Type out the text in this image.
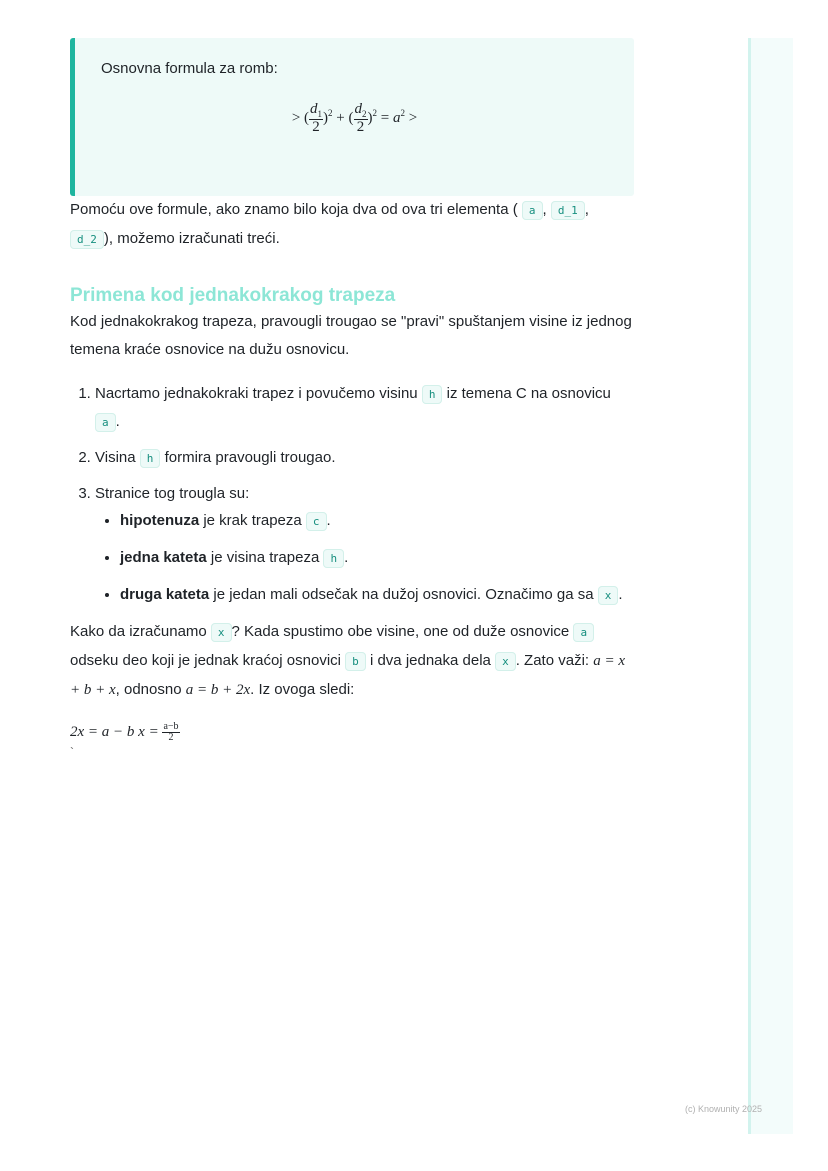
Osnovna formula za romb:
> ( $\frac{d_1}{2} )^2$ + ( $\frac{d_2}{2} )^2 = a^2$ >

Pomoću ove formule, ako znamo bilo koja dva od ova tri elementa ( a , d_1 , d_2 ), možemo izračunati treći.

Primena kod jednakokrakog trapeza

Kod jednakokrakog trapeza, pravougli trougao se "pravi" spuštanjem visine iz jednog temena kraće osnovice na dužu osnovicu.

1. Nacrtamo jednakokraki trapez i povučemo visinu h iz temena C na osnovicu a .
2. Visina h formira pravougli trougao.
3. Stranice tog trougla su:
• hipotenuza je krak trapeza c .
• jedna kateta je visina trapeza h .
• druga kateta je jedan mali odsečak na dužoj osnovici. Označimo ga sa x .

Kako da izračunamo x ? Kada spustimo obe visine, one od duže osnovice a odseku deo koji je jednak kraćoj osnovici b i dva jednaka dela x . Zato važi: a = x + b + x, odnosno a = b + 2x. Iz ovoga sledi:

2x = a − b $x = \frac{a-b}{2}$
`
(c) Knowunity 2025
